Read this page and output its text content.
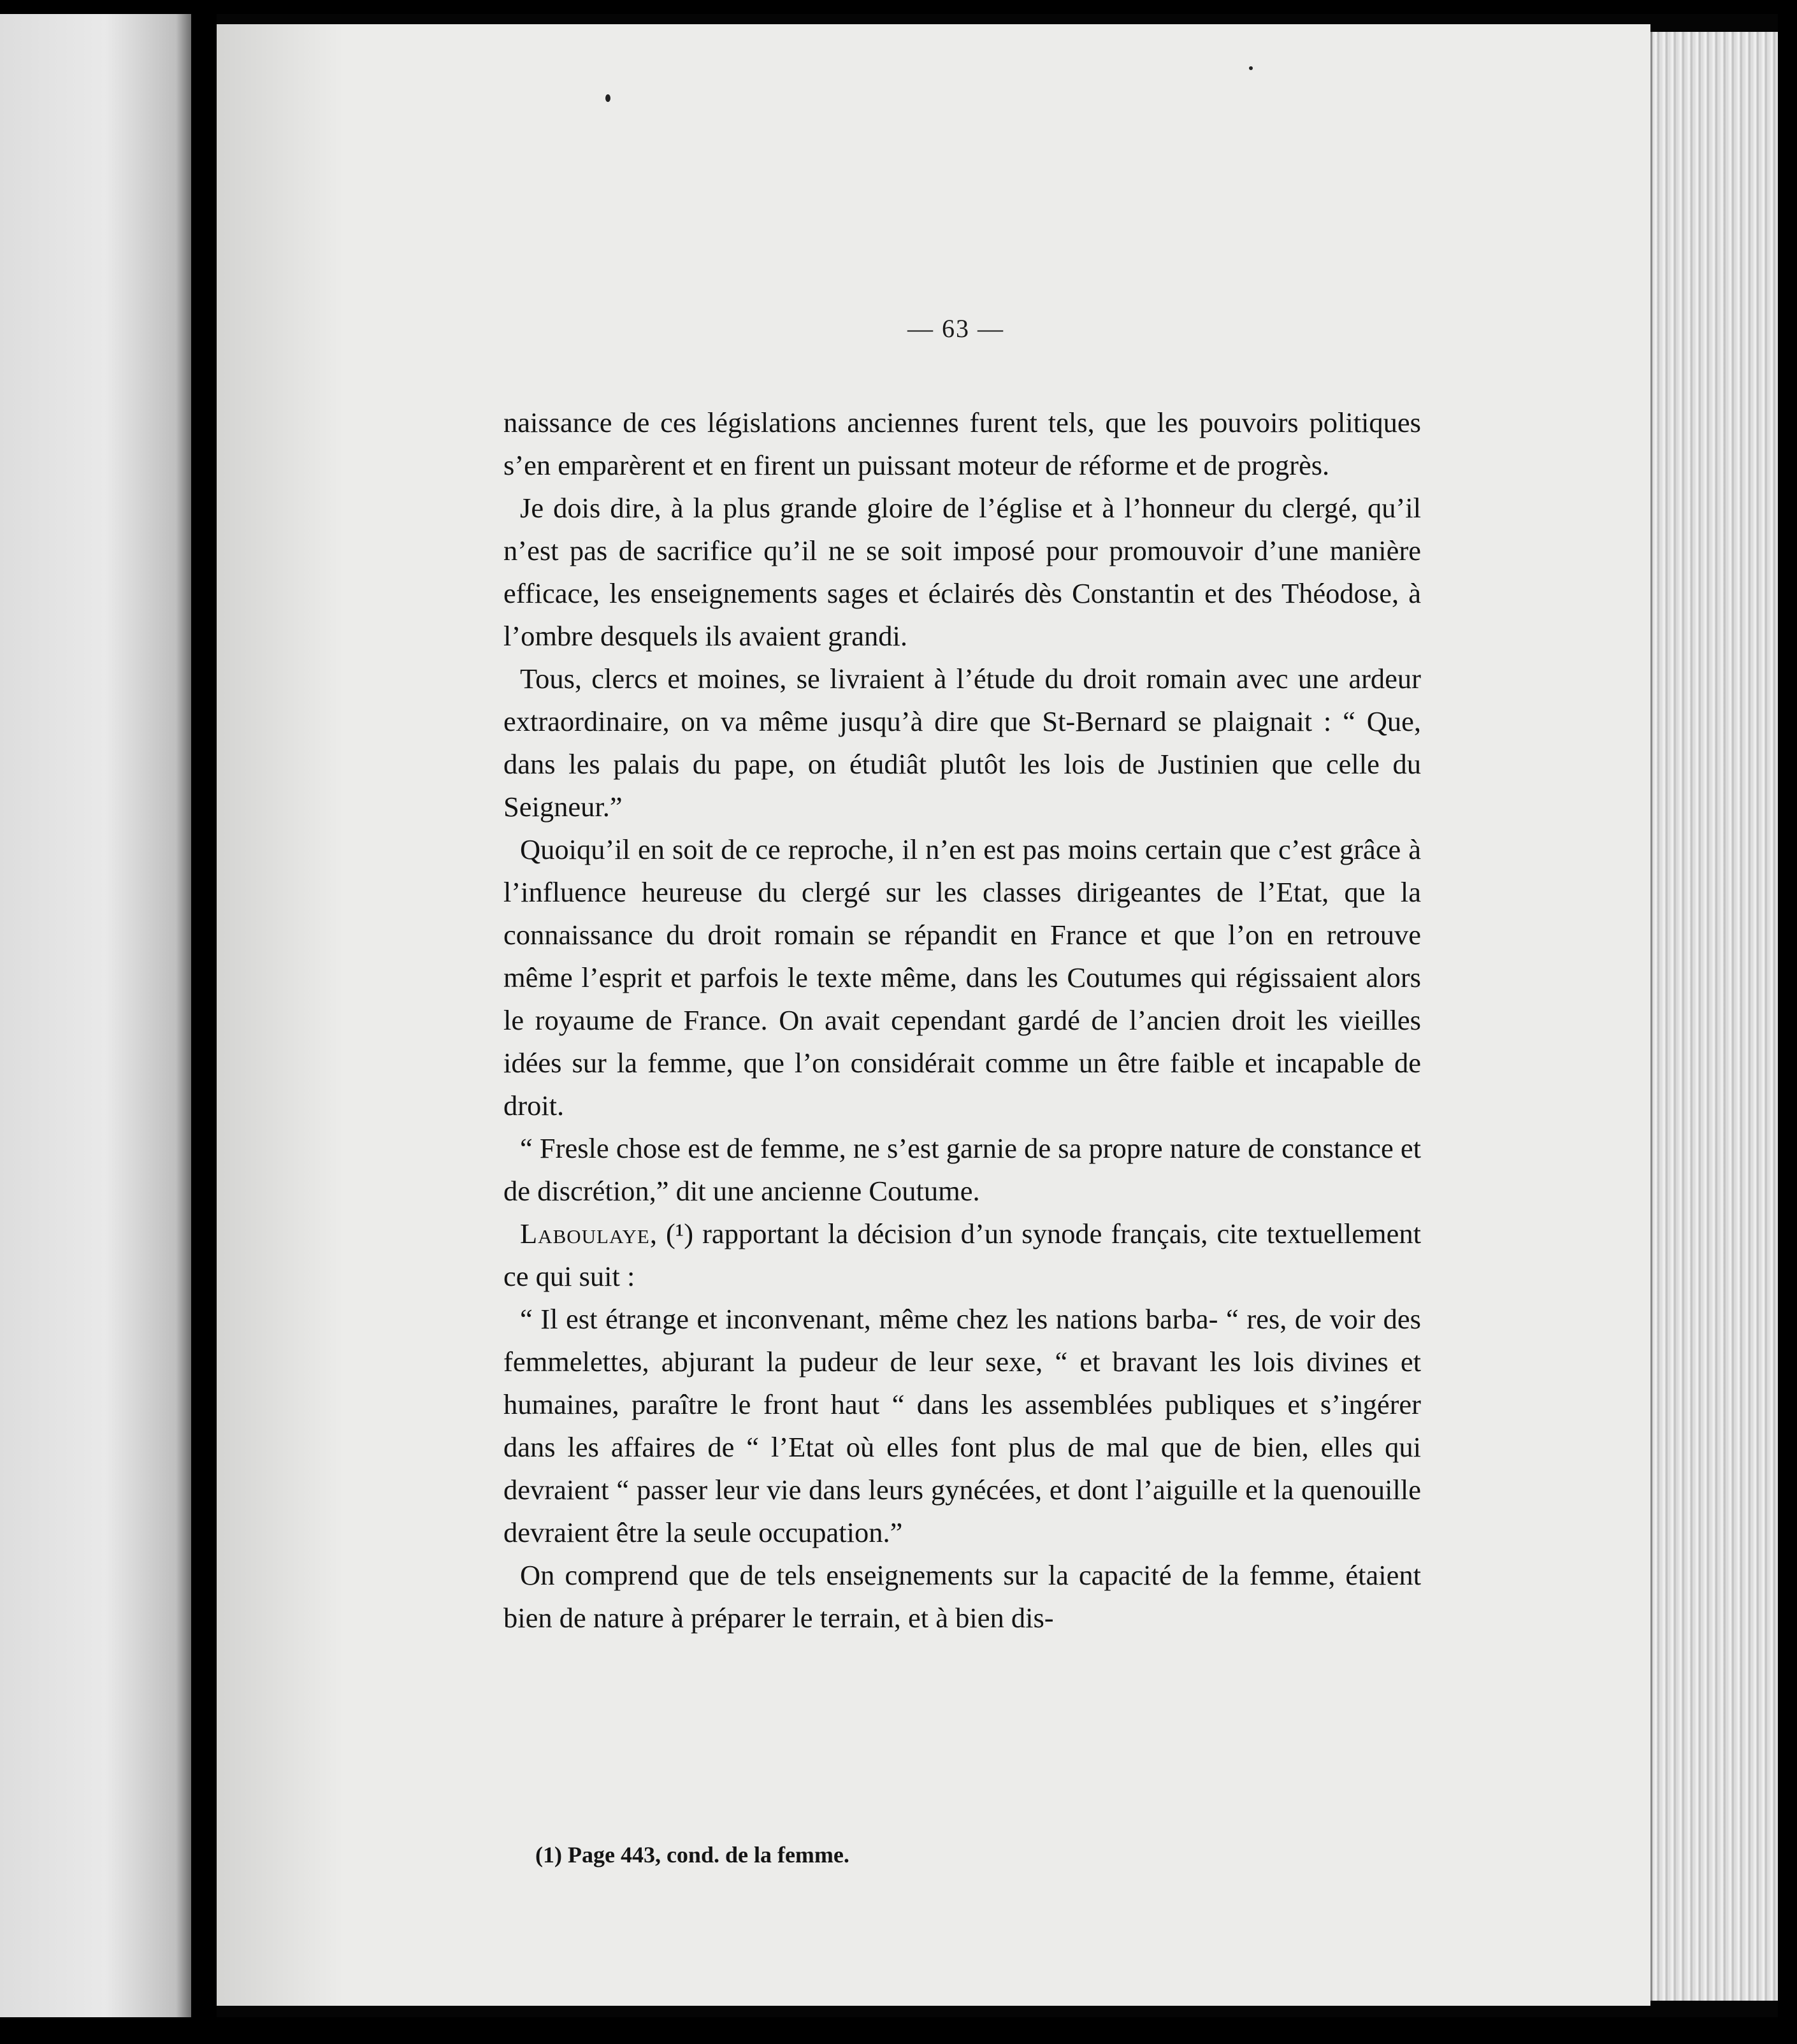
— 63 —

naissance de ces législations anciennes furent tels, que les pouvoirs politiques s’en emparèrent et en firent un puissant moteur de réforme et de progrès.

Je dois dire, à la plus grande gloire de l’église et à l’honneur du clergé, qu’il n’est pas de sacrifice qu’il ne se soit imposé pour promouvoir d’une manière efficace, les enseignements sages et éclairés dès Constantin et des Théodose, à l’ombre desquels ils avaient grandi.

Tous, clercs et moines, se livraient à l’étude du droit romain avec une ardeur extraordinaire, on va même jusqu’à dire que St-Bernard se plaignait : “ Que, dans les palais du pape, on étudiât plutôt les lois de Justinien que celle du Seigneur.”

Quoiqu’il en soit de ce reproche, il n’en est pas moins certain que c’est grâce à l’influence heureuse du clergé sur les classes dirigeantes de l’Etat, que la connaissance du droit romain se répandit en France et que l’on en retrouve même l’esprit et parfois le texte même, dans les Coutumes qui régissaient alors le royaume de France. On avait cependant gardé de l’ancien droit les vieilles idées sur la femme, que l’on considérait comme un être faible et incapable de droit.

“ Fresle chose est de femme, ne s’est garnie de sa propre nature de constance et de discrétion,” dit une ancienne Coutume.

Laboulaye, (¹) rapportant la décision d’un synode français, cite textuellement ce qui suit :

“ Il est étrange et inconvenant, même chez les nations barba- “ res, de voir des femmelettes, abjurant la pudeur de leur sexe, “ et bravant les lois divines et humaines, paraître le front haut “ dans les assemblées publiques et s’ingérer dans les affaires de “ l’Etat où elles font plus de mal que de bien, elles qui devraient “ passer leur vie dans leurs gynécées, et dont l’aiguille et la quenouille devraient être la seule occupation.”

On comprend que de tels enseignements sur la capacité de la femme, étaient bien de nature à préparer le terrain, et à bien dis-

(1) Page 443, cond. de la femme.
